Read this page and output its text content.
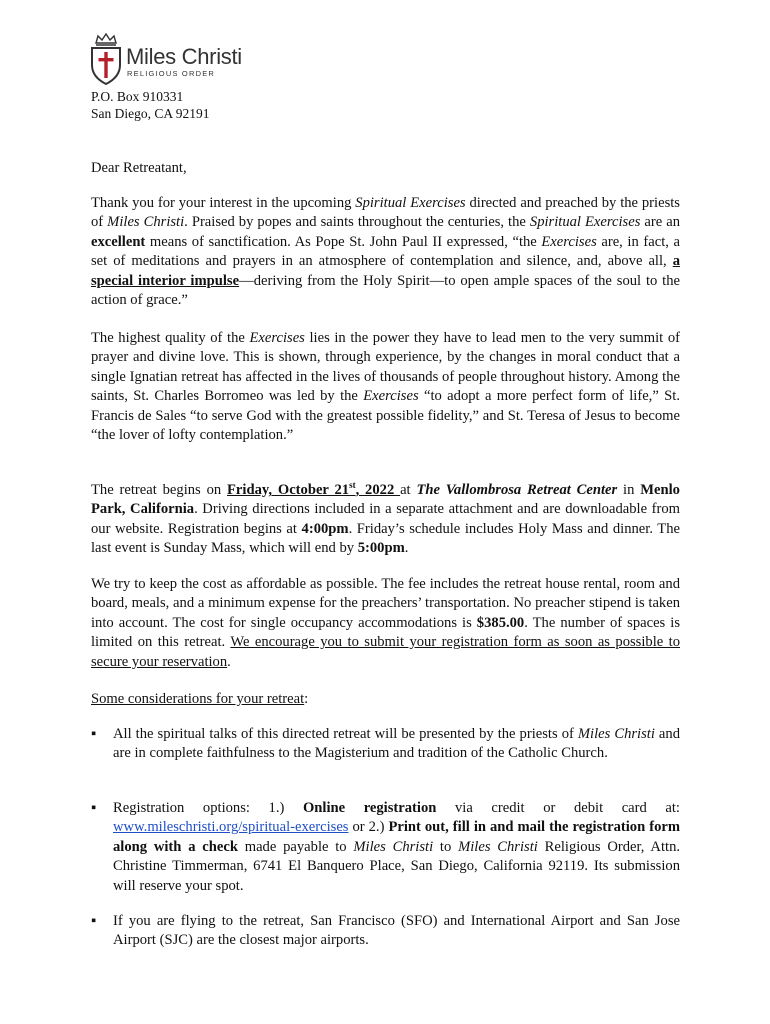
Miles Christi
RELIGIOUS ORDER
P.O. Box 910331
San Diego, CA 92191
Dear Retreatant,
Thank you for your interest in the upcoming Spiritual Exercises directed and preached by the priests of Miles Christi. Praised by popes and saints throughout the centuries, the Spiritual Exercises are an excellent means of sanctification. As Pope St. John Paul II expressed, “the Exercises are, in fact, a set of meditations and prayers in an atmosphere of contemplation and silence, and, above all, a special interior impulse—deriving from the Holy Spirit—to open ample spaces of the soul to the action of grace.”
The highest quality of the Exercises lies in the power they have to lead men to the very summit of prayer and divine love. This is shown, through experience, by the changes in moral conduct that a single Ignatian retreat has affected in the lives of thousands of people throughout history. Among the saints, St. Charles Borromeo was led by the Exercises “to adopt a more perfect form of life,” St. Francis de Sales “to serve God with the greatest possible fidelity,” and St. Teresa of Jesus to become “the lover of lofty contemplation.”
The retreat begins on Friday, October 21st, 2022 at The Vallombrosa Retreat Center in Menlo Park, California. Driving directions included in a separate attachment and are downloadable from our website. Registration begins at 4:00pm. Friday’s schedule includes Holy Mass and dinner. The last event is Sunday Mass, which will end by 5:00pm.
We try to keep the cost as affordable as possible. The fee includes the retreat house rental, room and board, meals, and a minimum expense for the preachers’ transportation. No preacher stipend is taken into account. The cost for single occupancy accommodations is $385.00. The number of spaces is limited on this retreat. We encourage you to submit your registration form as soon as possible to secure your reservation.
Some considerations for your retreat:
▪ All the spiritual talks of this directed retreat will be presented by the priests of Miles Christi and are in complete faithfulness to the Magisterium and tradition of the Catholic Church.
▪ Registration options: 1.) Online registration via credit or debit card at: www.mileschristi.org/spiritual-exercises or 2.) Print out, fill in and mail the registration form along with a check made payable to Miles Christi to Miles Christi Religious Order, Attn. Christine Timmerman, 6741 El Banquero Place, San Diego, California 92119. Its submission will reserve your spot.
▪ If you are flying to the retreat, San Francisco (SFO) and International Airport and San Jose Airport (SJC) are the closest major airports.
